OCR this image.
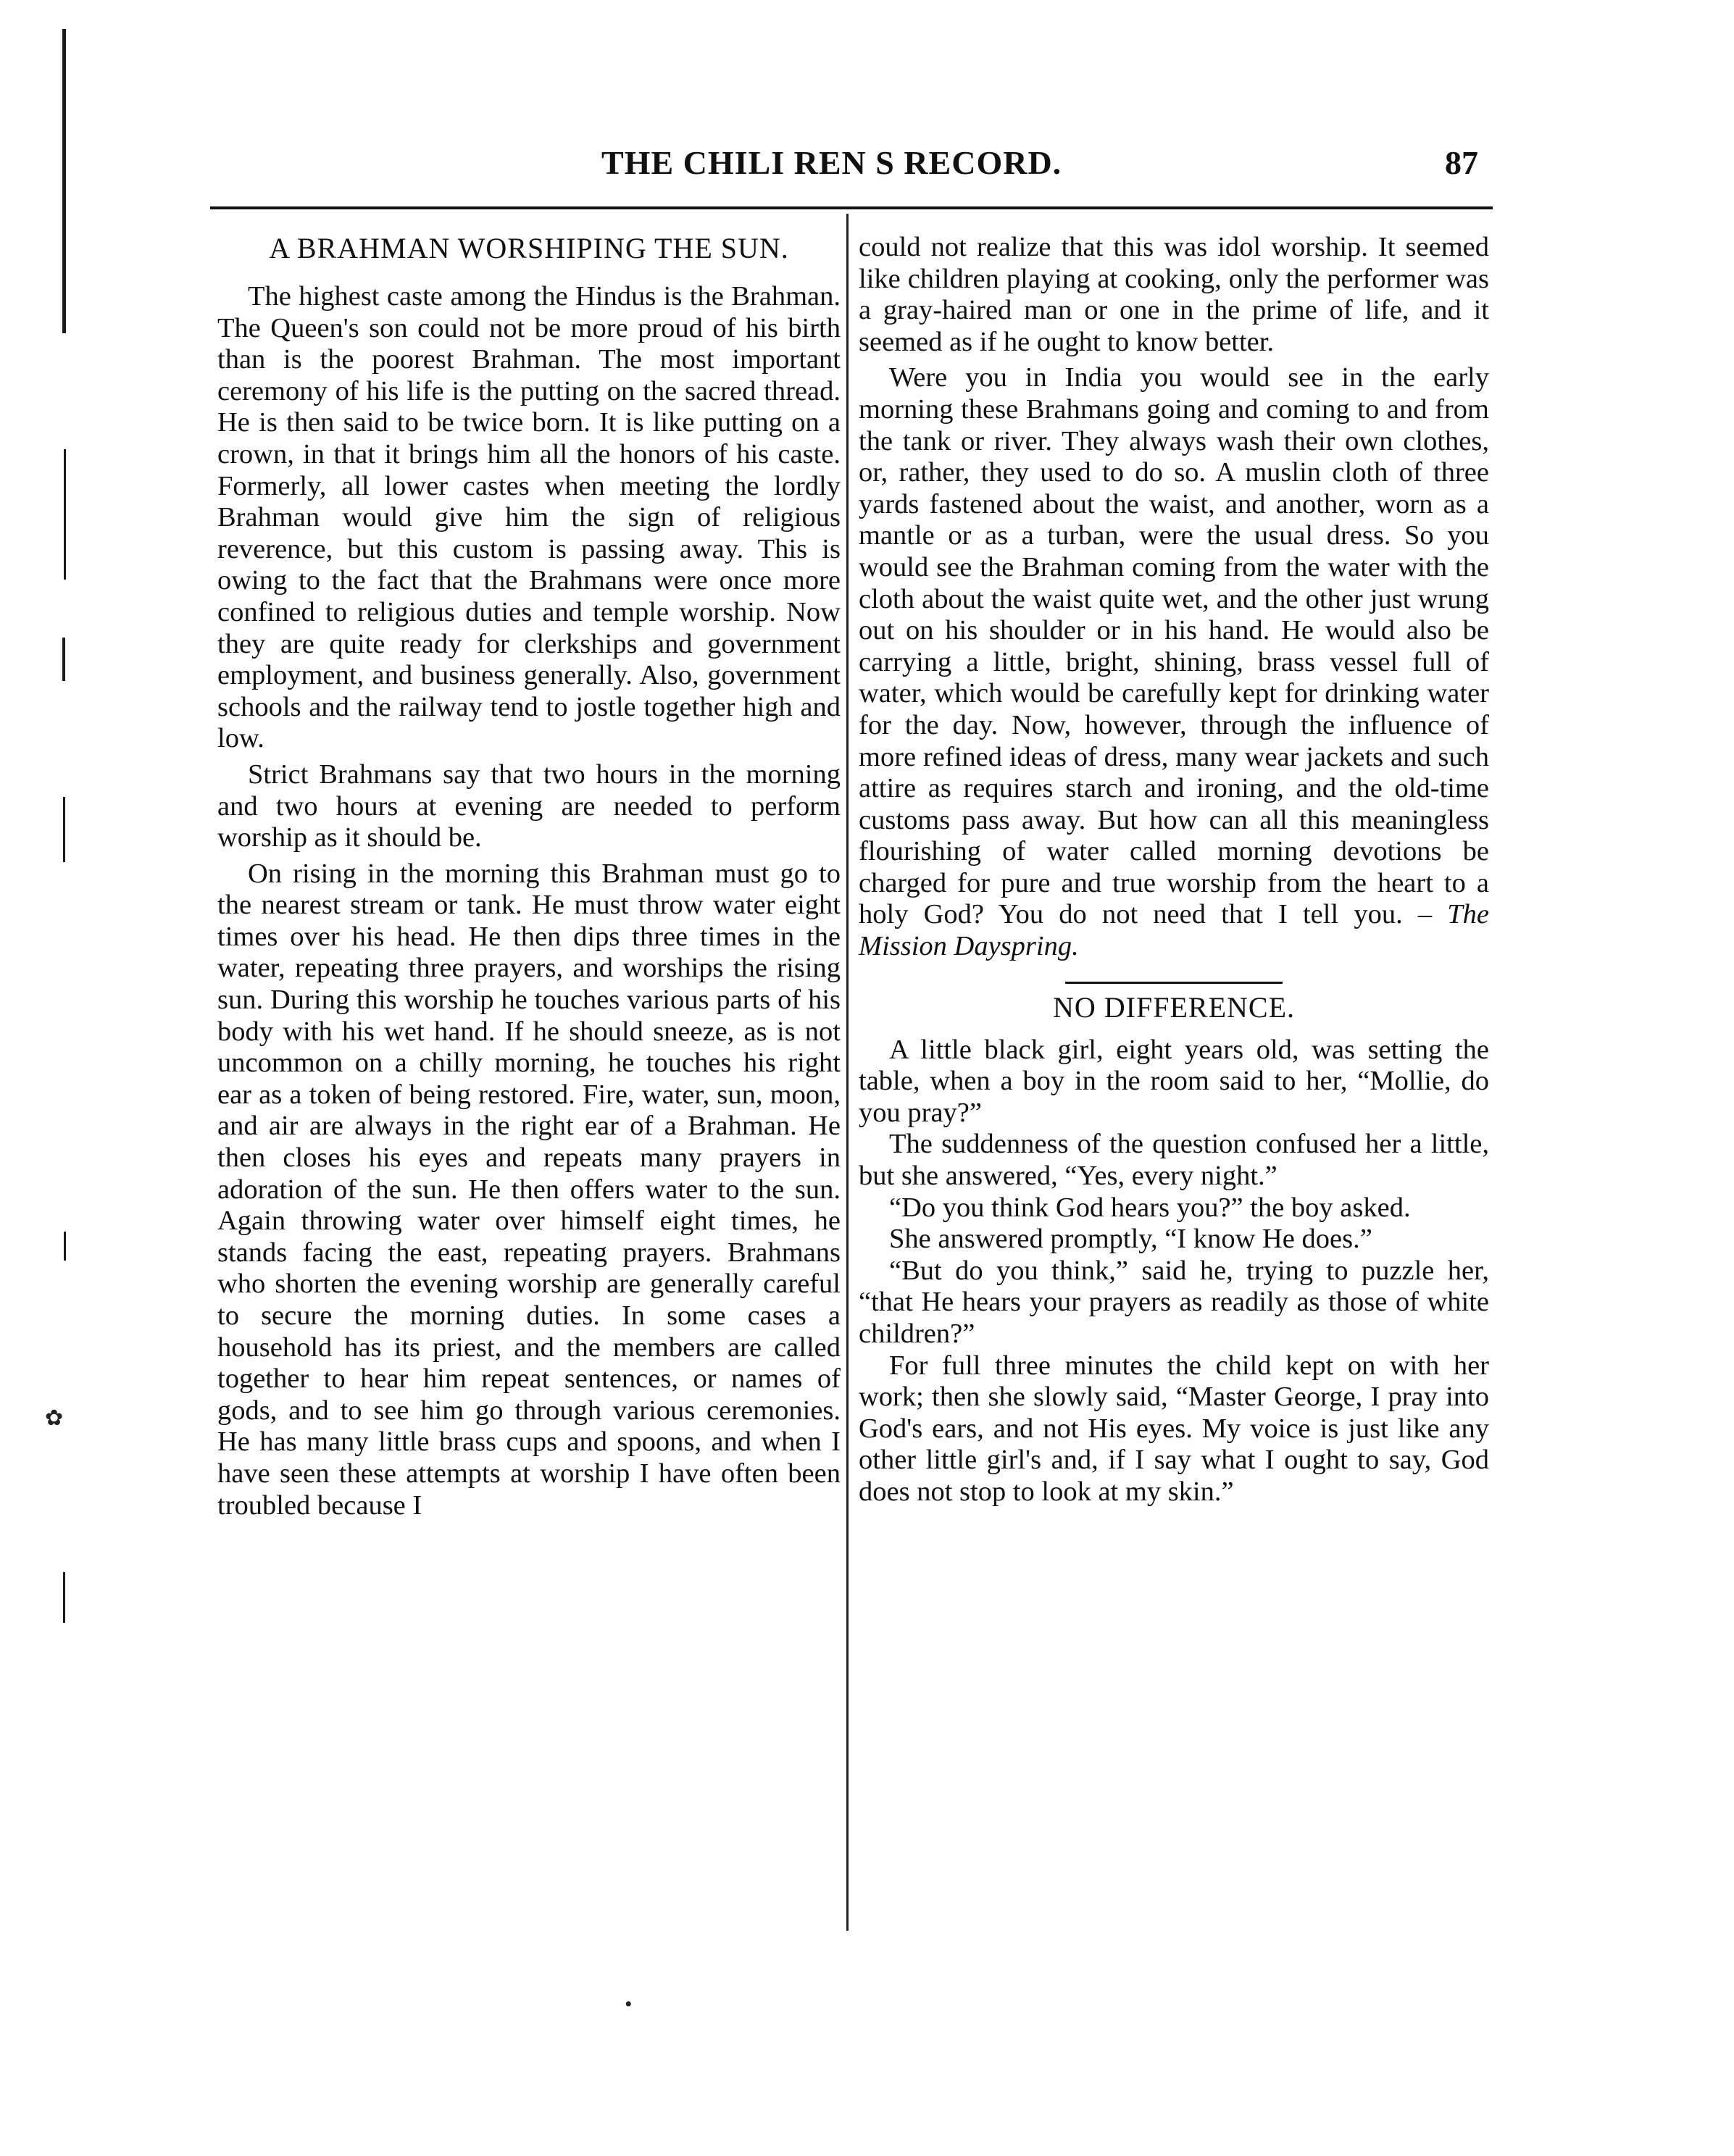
✿
•
THE CHILI REN S RECORD.	87
A BRAHMAN WORSHIPING THE SUN.

The highest caste among the Hindus is the Brahman. The Queen's son could not be more proud of his birth than is the poorest Brahman. The most important ceremony of his life is the putting on the sacred thread. He is then said to be twice born. It is like putting on a crown, in that it brings him all the honors of his caste. Formerly, all lower castes when meeting the lordly Brahman would give him the sign of religious reverence, but this custom is passing away. This is owing to the fact that the Brahmans were once more confined to religious duties and temple worship. Now they are quite ready for clerkships and government employment, and business generally. Also, government schools and the railway tend to jostle together high and low.

Strict Brahmans say that two hours in the morning and two hours at evening are needed to perform worship as it should be.

On rising in the morning this Brahman must go to the nearest stream or tank. He must throw water eight times over his head. He then dips three times in the water, repeating three prayers, and worships the rising sun. During this worship he touches various parts of his body with his wet hand. If he should sneeze, as is not uncommon on a chilly morning, he touches his right ear as a token of being restored. Fire, water, sun, moon, and air are always in the right ear of a Brahman. He then closes his eyes and repeats many prayers in adoration of the sun. He then offers water to the sun. Again throwing water over himself eight times, he stands facing the east, repeating prayers. Brahmans who shorten the evening worship are generally careful to secure the morning duties. In some cases a household has its priest, and the members are called together to hear him repeat sentences, or names of gods, and to see him go through various ceremonies. He has many little brass cups and spoons, and when I have seen these attempts at worship I have often been troubled because I

could not realize that this was idol worship. It seemed like children playing at cooking, only the performer was a gray-haired man or one in the prime of life, and it seemed as if he ought to know better.

Were you in India you would see in the early morning these Brahmans going and coming to and from the tank or river. They always wash their own clothes, or, rather, they used to do so. A muslin cloth of three yards fastened about the waist, and another, worn as a mantle or as a turban, were the usual dress. So you would see the Brahman coming from the water with the cloth about the waist quite wet, and the other just wrung out on his shoulder or in his hand. He would also be carrying a little, bright, shining, brass vessel full of water, which would be carefully kept for drinking water for the day. Now, however, through the influence of more refined ideas of dress, many wear jackets and such attire as requires starch and ironing, and the old-time customs pass away. But how can all this meaningless flourishing of water called morning devotions be charged for pure and true worship from the heart to a holy God? You do not need that I tell you. – The Mission Dayspring.

NO DIFFERENCE.

A little black girl, eight years old, was setting the table, when a boy in the room said to her, “Mollie, do you pray?”

The suddenness of the question confused her a little, but she answered, “Yes, every night.”

“Do you think God hears you?” the boy asked.

She answered promptly, “I know He does.”

“But do you think,” said he, trying to puzzle her, “that He hears your prayers as readily as those of white children?”

For full three minutes the child kept on with her work; then she slowly said, “Master George, I pray into God's ears, and not His eyes. My voice is just like any other little girl's and, if I say what I ought to say, God does not stop to look at my skin.”
